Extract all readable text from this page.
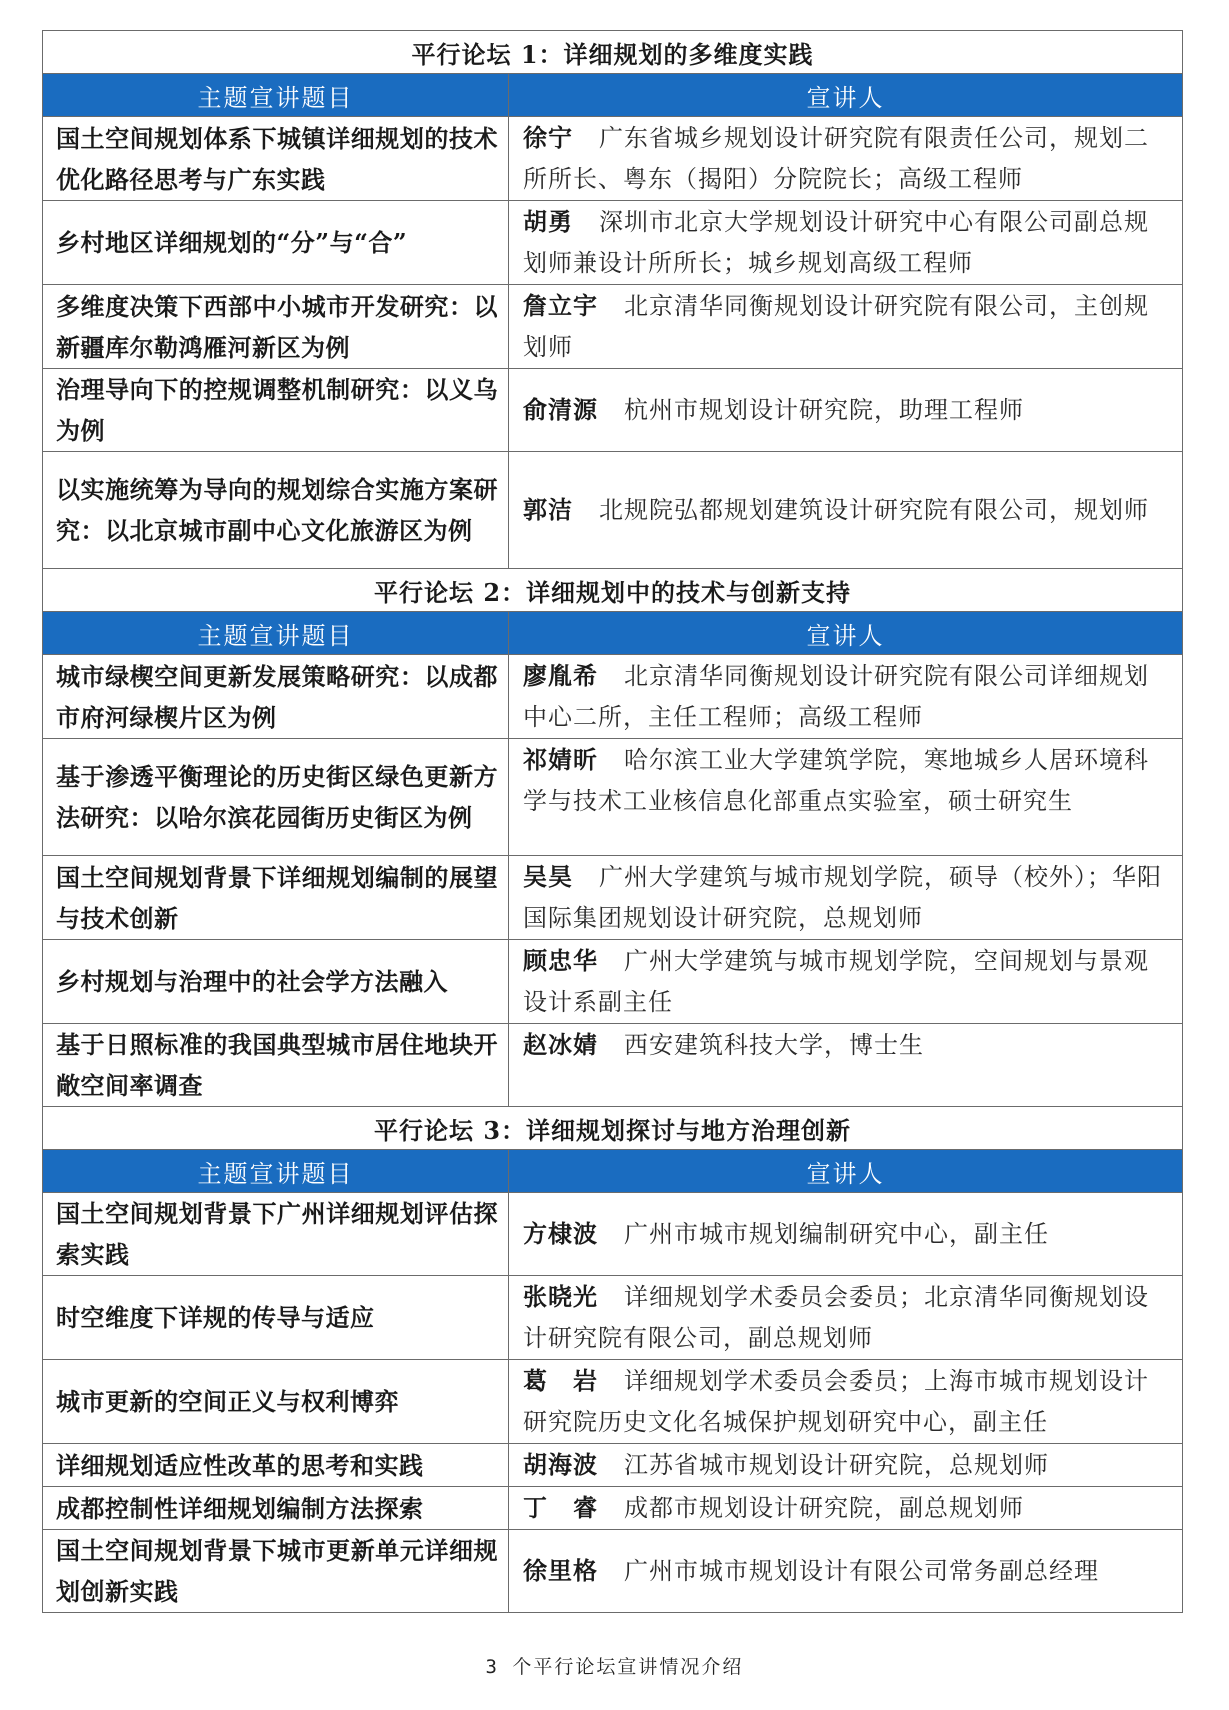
平行论坛 1：详细规划的多维度实践	
主题宣讲题目	宣讲人
国土空间规划体系下城镇详细规划的技术优化路径思考与广东实践	徐宁 广东省城乡规划设计研究院有限责任公司，规划二所所长、粤东（揭阳）分院院长；高级工程师
乡村地区详细规划的“分”与“合”	胡勇 深圳市北京大学规划设计研究中心有限公司副总规划师兼设计所所长；城乡规划高级工程师
多维度决策下西部中小城市开发研究：以新疆库尔勒鸿雁河新区为例	詹立宇 北京清华同衡规划设计研究院有限公司，主创规划师
治理导向下的控规调整机制研究：以义乌为例	俞清源 杭州市规划设计研究院，助理工程师
以实施统筹为导向的规划综合实施方案研究：以北京城市副中心文化旅游区为例	郭洁 北规院弘都规划建筑设计研究院有限公司，规划师
平行论坛 2：详细规划中的技术与创新支持	
主题宣讲题目	宣讲人
城市绿楔空间更新发展策略研究：以成都市府河绿楔片区为例	廖胤希 北京清华同衡规划设计研究院有限公司详细规划中心二所，主任工程师；高级工程师
基于渗透平衡理论的历史街区绿色更新方法研究：以哈尔滨花园街历史街区为例	祁婧昕 哈尔滨工业大学建筑学院，寒地城乡人居环境科学与技术工业核信息化部重点实验室，硕士研究生
国土空间规划背景下详细规划编制的展望与技术创新	吴昊 广州大学建筑与城市规划学院，硕导（校外）；华阳国际集团规划设计研究院，总规划师
乡村规划与治理中的社会学方法融入	顾忠华 广州大学建筑与城市规划学院，空间规划与景观设计系副主任
基于日照标准的我国典型城市居住地块开敞空间率调查	赵冰婧 西安建筑科技大学，博士生
平行论坛 3：详细规划探讨与地方治理创新	
主题宣讲题目	宣讲人
国土空间规划背景下广州详细规划评估探索实践	方棣波 广州市城市规划编制研究中心，副主任
时空维度下详规的传导与适应	张晓光 详细规划学术委员会委员；北京清华同衡规划设计研究院有限公司，副总规划师
城市更新的空间正义与权利博弈	葛　岩 详细规划学术委员会委员；上海市城市规划设计研究院历史文化名城保护规划研究中心，副主任
详细规划适应性改革的思考和实践	胡海波 江苏省城市规划设计研究院，总规划师
成都控制性详细规划编制方法探索	丁　睿 成都市规划设计研究院，副总规划师
国土空间规划背景下城市更新单元详细规划创新实践	徐里格 广州市城市规划设计有限公司常务副总经理
3 个平行论坛宣讲情况介绍
